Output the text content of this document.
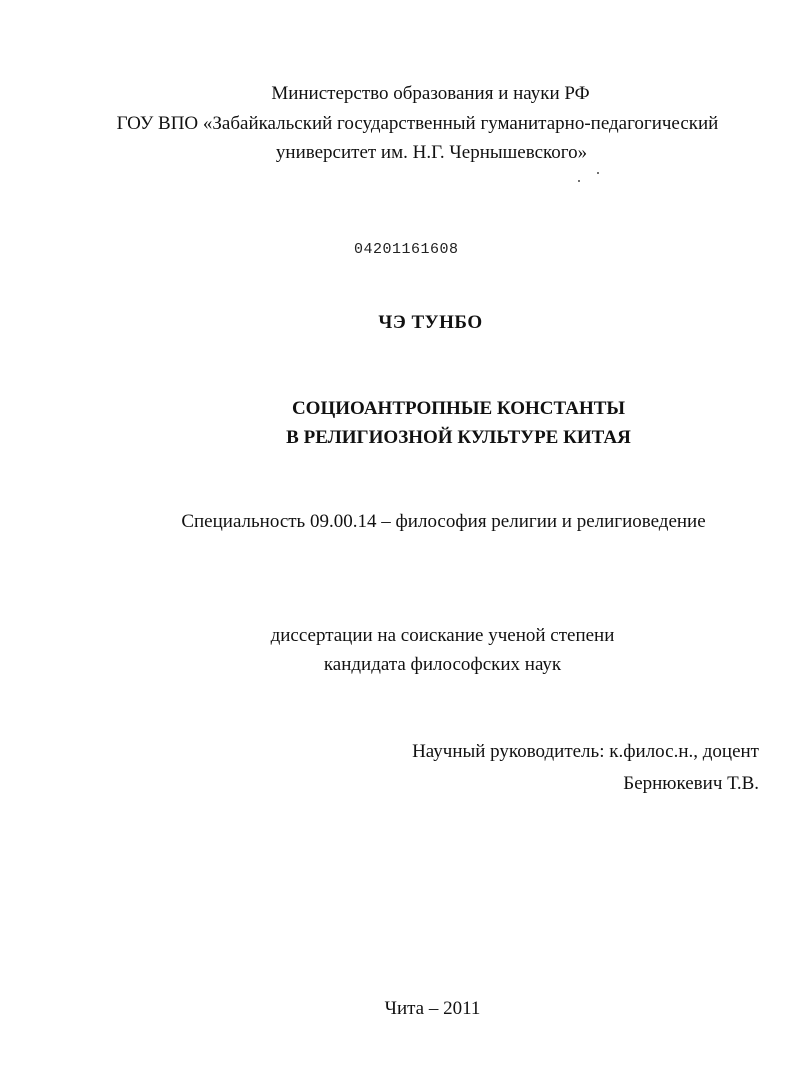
Министерство образования и науки РФ

ГОУ ВПО «Забайкальский государственный гуманитарно-педагогический

университет им. Н.Г. Чернышевского»

04201161608

ЧЭ ТУНБО

СОЦИОАНТРОПНЫЕ КОНСТАНТЫ

В РЕЛИГИОЗНОЙ КУЛЬТУРЕ КИТАЯ

Специальность 09.00.14 – философия религии и религиоведение

диссертации на соискание ученой степени

кандидата философских наук

Научный руководитель: к.филос.н., доцент

Бернюкевич Т.В.

Чита – 2011
